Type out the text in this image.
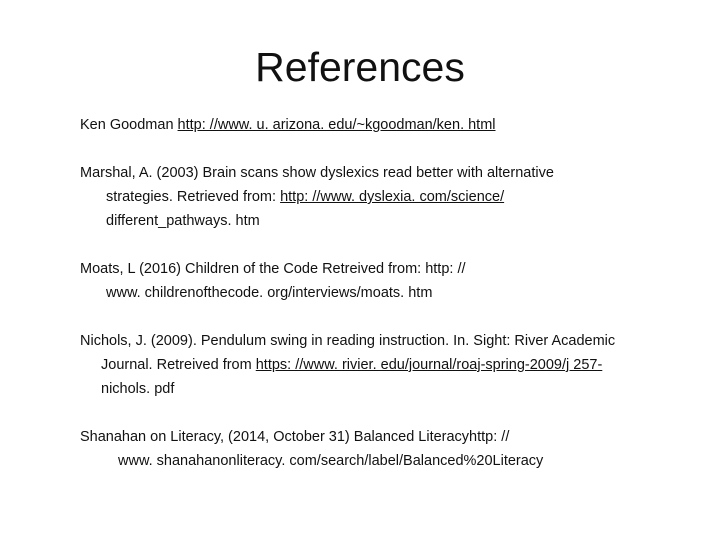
References
Ken Goodman http: //www. u. arizona. edu/~kgoodman/ken. html
Marshal, A. (2003) Brain scans show dyslexics read better with alternative
strategies. Retrieved from: http: //www. dyslexia. com/science/
different_pathways. htm
Moats, L (2016) Children of the Code Retreived from: http: //
www. childrenofthecode. org/interviews/moats. htm
Nichols, J. (2009). Pendulum swing in reading instruction. In. Sight: River Academic
Journal. Retreived from https: //www. rivier. edu/journal/roaj-spring-2009/j 257-
nichols. pdf
Shanahan on Literacy, (2014, October 31) Balanced Literacyhttp: //
www. shanahanonliteracy. com/search/label/Balanced%20Literacy
